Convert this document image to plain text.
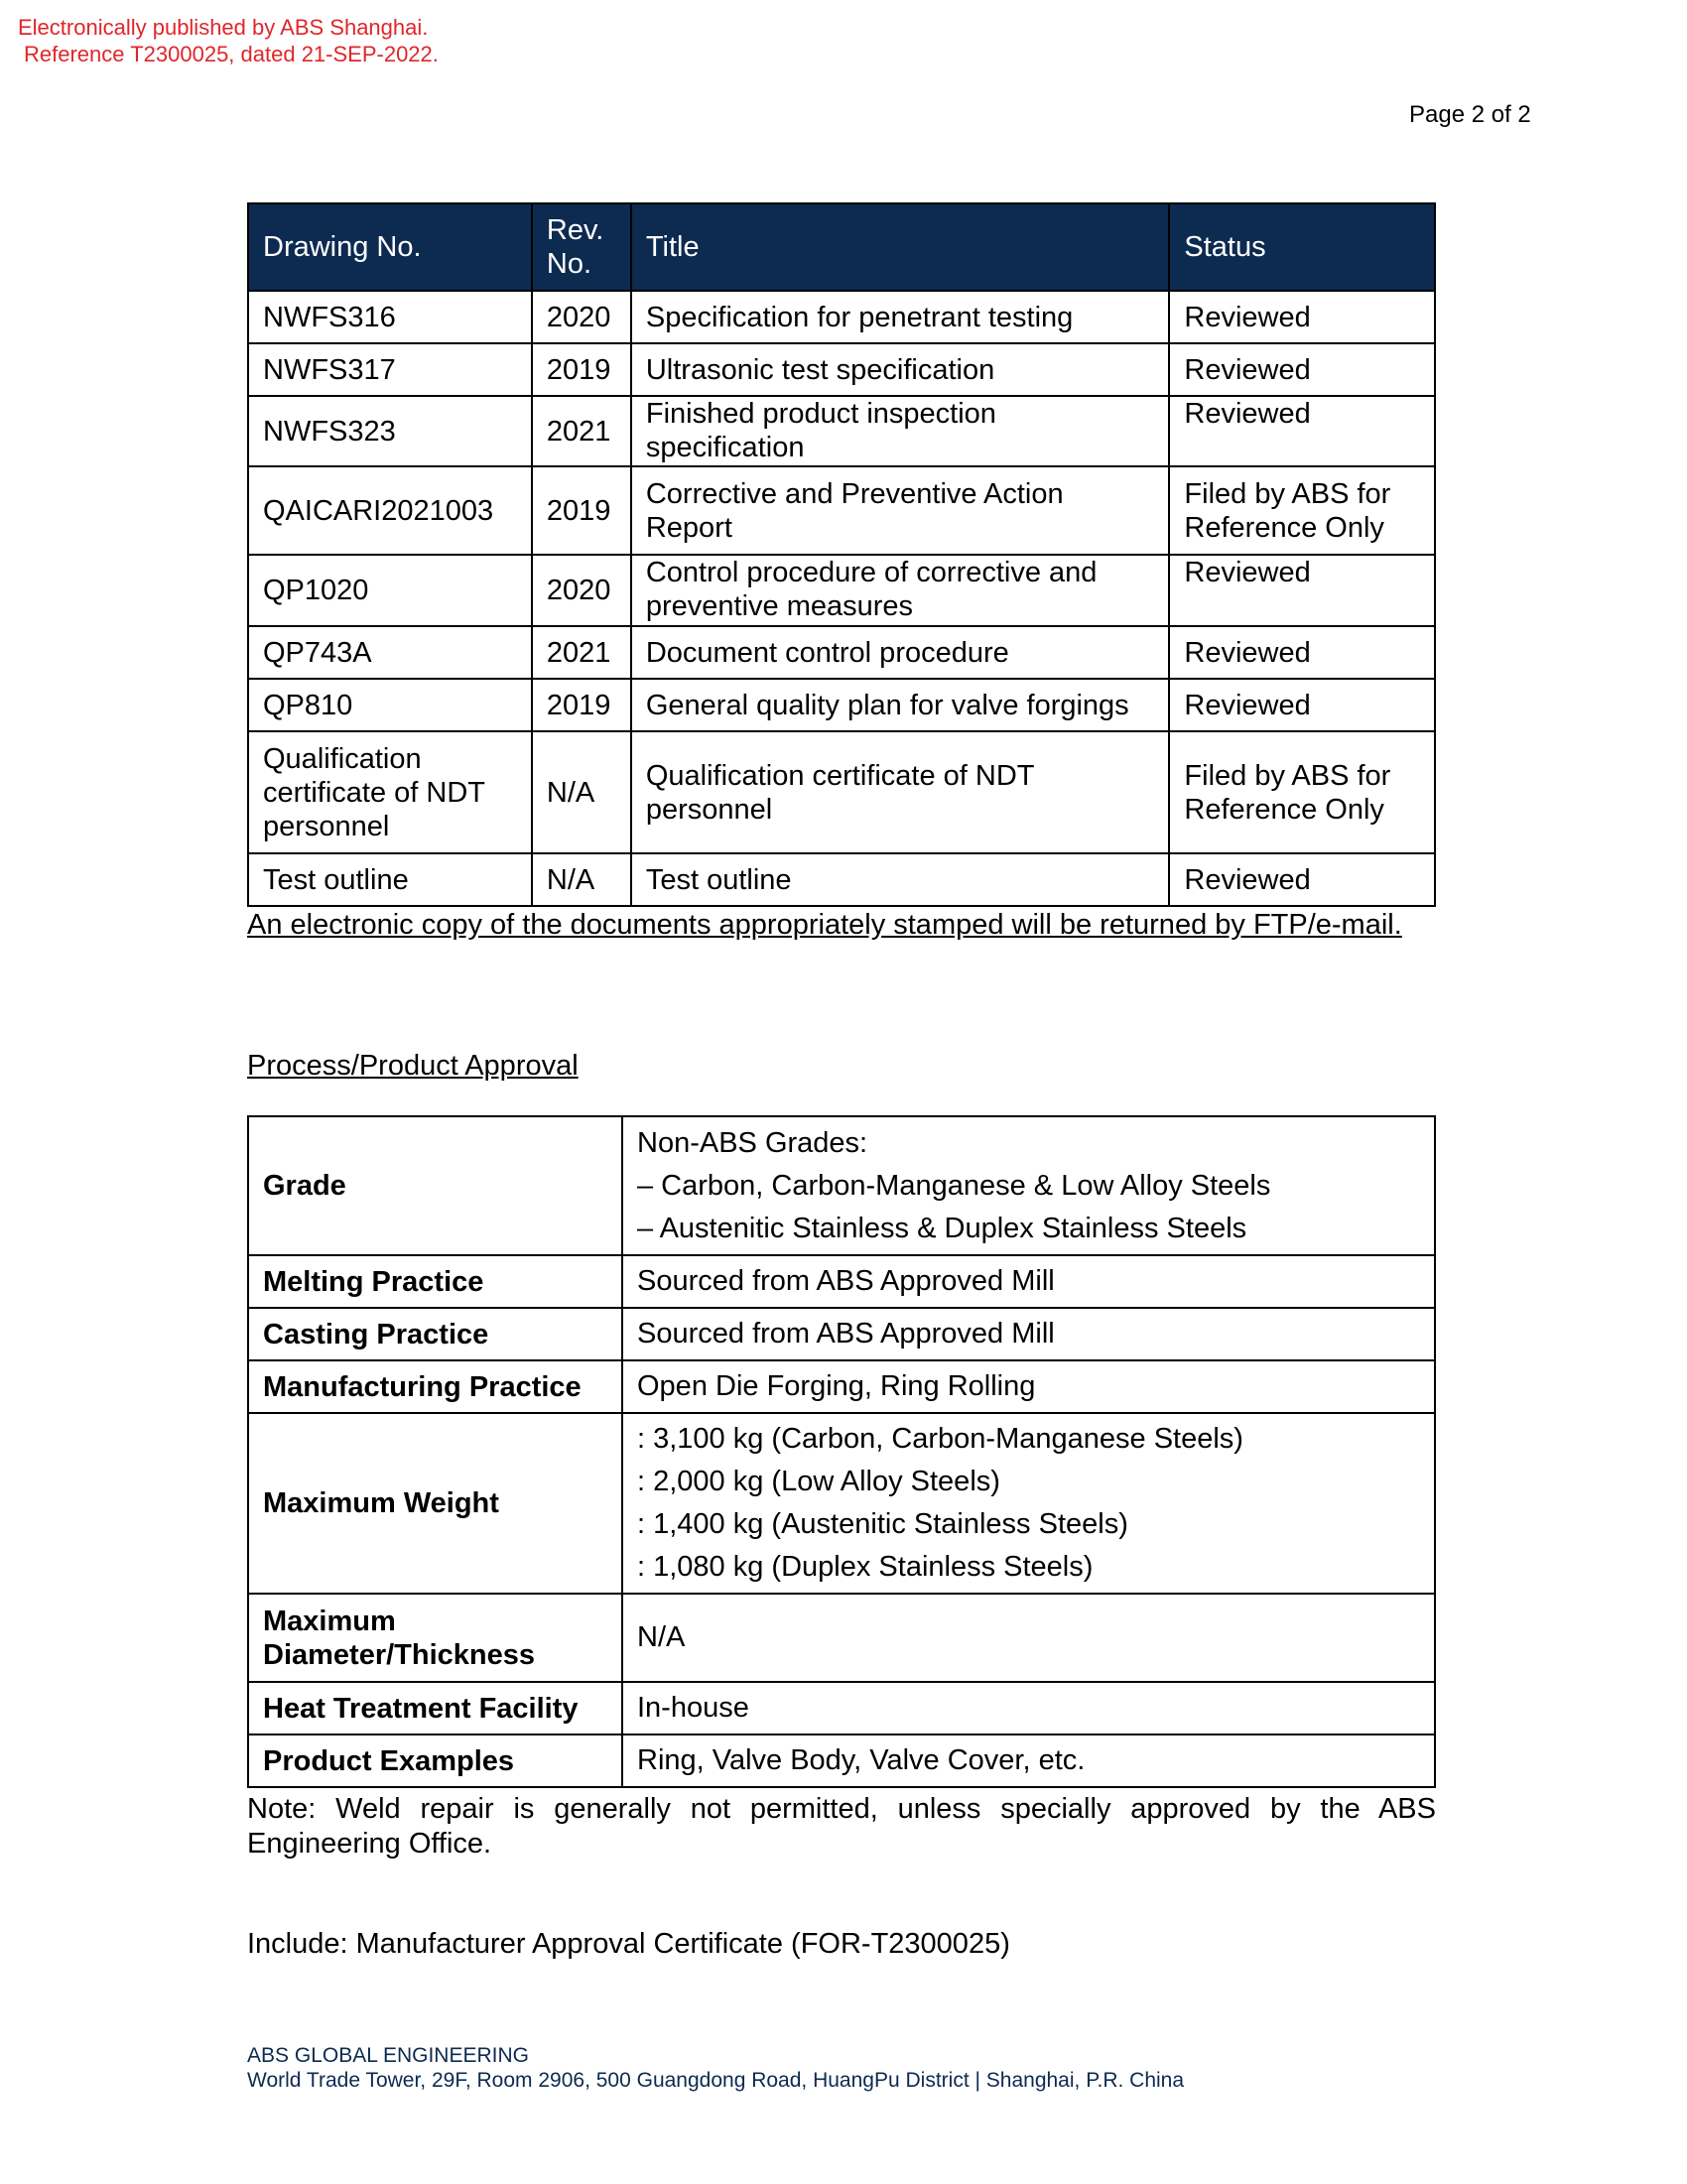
Electronically published by ABS Shanghai.
Reference T2300025, dated 21-SEP-2022.
Page 2 of 2
Drawing No.	Rev. No.	Title	Status
NWFS316	2020	Specification for penetrant testing	Reviewed
NWFS317	2019	Ultrasonic test specification	Reviewed
NWFS323	2021	Finished product inspection specification	Reviewed
QAICARI2021003	2019	Corrective and Preventive Action Report	Filed by ABS for Reference Only
QP1020	2020	Control procedure of corrective and preventive measures	Reviewed
QP743A	2021	Document control procedure	Reviewed
QP810	2019	General quality plan for valve forgings	Reviewed
Qualification certificate of NDT personnel	N/A	Qualification certificate of NDT personnel	Filed by ABS for Reference Only
Test outline	N/A	Test outline	Reviewed
An electronic copy of the documents appropriately stamped will be returned by FTP/e-mail.
Process/Product Approval
Grade	Non-ABS Grades:
– Carbon, Carbon-Manganese & Low Alloy Steels
– Austenitic Stainless & Duplex Stainless Steels

Melting Practice	Sourced from ABS Approved Mill

Casting Practice	Sourced from ABS Approved Mill

Manufacturing Practice	Open Die Forging, Ring Rolling

Maximum Weight	: 3,100 kg (Carbon, Carbon-Manganese Steels)
: 2,000 kg (Low Alloy Steels)
: 1,400 kg (Austenitic Stainless Steels)
: 1,080 kg (Duplex Stainless Steels)

Maximum Diameter/Thickness	N/A

Heat Treatment Facility	In-house

Product Examples	Ring, Valve Body, Valve Cover, etc.
Note: Weld repair is generally not permitted, unless specially approved by the ABS Engineering Office.
Include: Manufacturer Approval Certificate (FOR-T2300025)
ABS GLOBAL ENGINEERING
World Trade Tower, 29F, Room 2906, 500 Guangdong Road, HuangPu District | Shanghai, P.R. China
